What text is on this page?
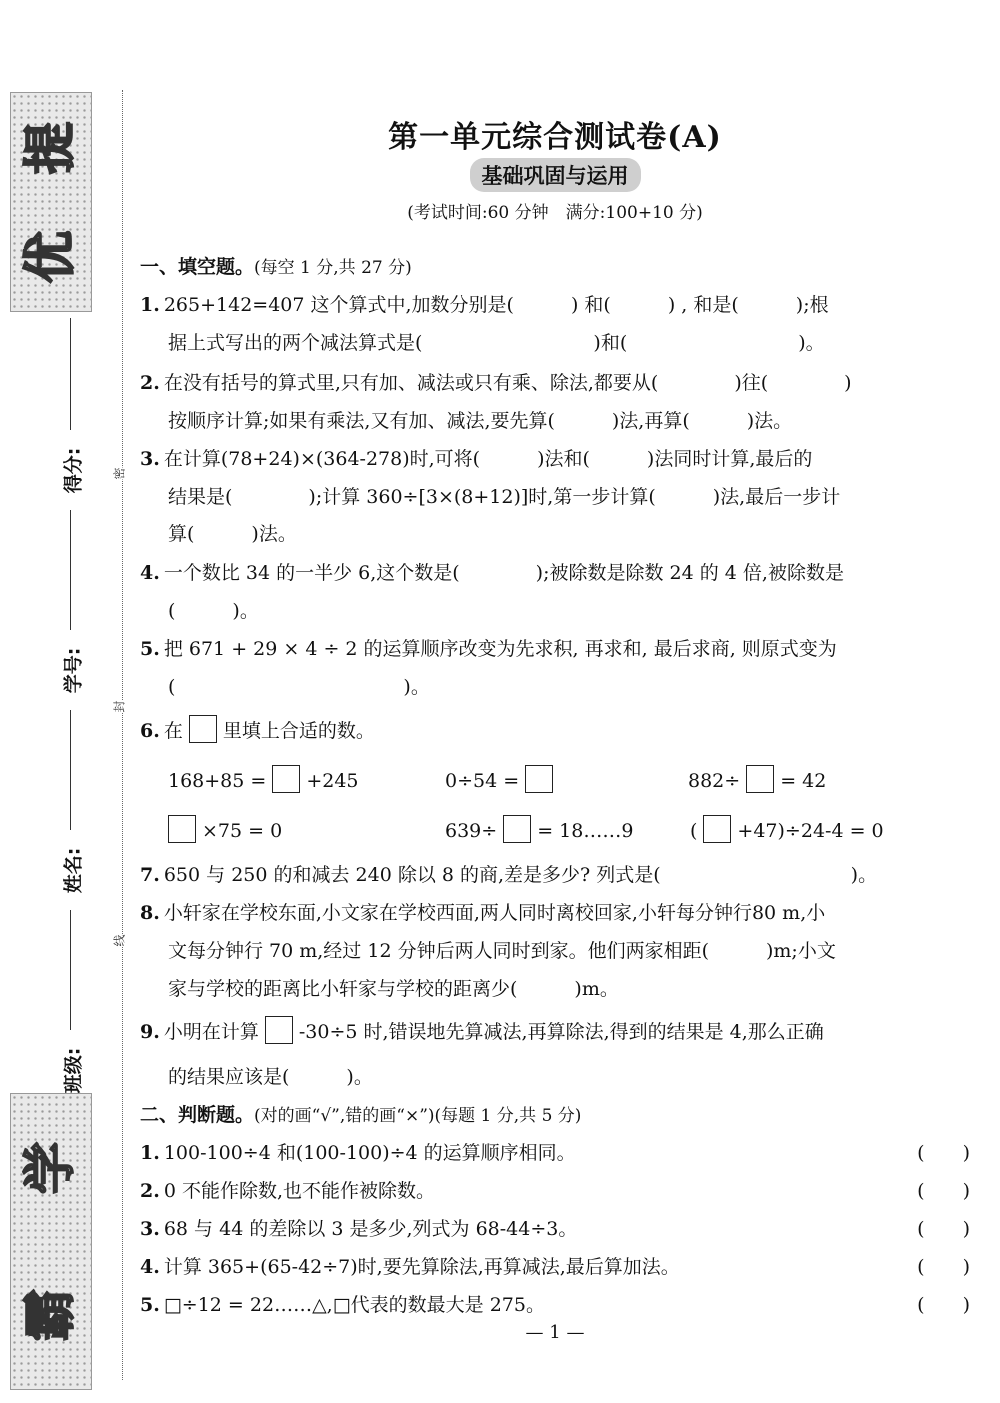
提
优
学
霸
得分:
学号:
姓名:
班级:
密
封
线
第一单元综合测试卷(A)
基础巩固与运用
(考试时间:60 分钟　满分:100+10 分)
一、填空题。(每空 1 分,共 27 分)
1. 265+142=407 这个算式中,加数分别是(　　　) 和(　　　) , 和是(　　　);根
据上式写出的两个减法算式是(　　　　　　　　　)和(　　　　　　　　　)。
2. 在没有括号的算式里,只有加、减法或只有乘、除法,都要从(　　　　)往(　　　　)
按顺序计算;如果有乘法,又有加、减法,要先算(　　　)法,再算(　　　)法。
3. 在计算(78+24)×(364-278)时,可将(　　　)法和(　　　)法同时计算,最后的
结果是(　　　　);计算 360÷[3×(8+12)]时,第一步计算(　　　)法,最后一步计
算(　　　)法。
4. 一个数比 34 的一半少 6,这个数是(　　　　);被除数是除数 24 的 4 倍,被除数是
(　　　)。
5. 把 671 + 29 × 4 ÷ 2 的运算顺序改变为先求积, 再求和, 最后求商, 则原式变为
(　　　　　　　　　　　　)。
6. 在 里填上合适的数。
168+85 = +245	0÷54 =	882÷ = 42
×75 = 0	639÷ = 18……9	( +47)÷24-4 = 0
7. 650 与 250 的和减去 240 除以 8 的商,差是多少? 列式是(　　　　　　　　　　)。
8. 小轩家在学校东面,小文家在学校西面,两人同时离校回家,小轩每分钟行80 m,小
文每分钟行 70 m,经过 12 分钟后两人同时到家。他们两家相距(　　　)m;小文
家与学校的距离比小轩家与学校的距离少(　　　)m。
9. 小明在计算 -30÷5 时,错误地先算减法,再算除法,得到的结果是 4,那么正确
的结果应该是(　　　)。
二、判断题。(对的画“√”,错的画“×”)(每题 1 分,共 5 分)
1. 100-100÷4 和(100-100)÷4 的运算顺序相同。	(　　)
2. 0 不能作除数,也不能作被除数。	(　　)
3. 68 与 44 的差除以 3 是多少,列式为 68-44÷3。	(　　)
4. 计算 365+(65-42÷7)时,要先算除法,再算减法,最后算加法。	(　　)
5. □÷12 = 22……△,□代表的数最大是 275。	(　　)
— 1 —
